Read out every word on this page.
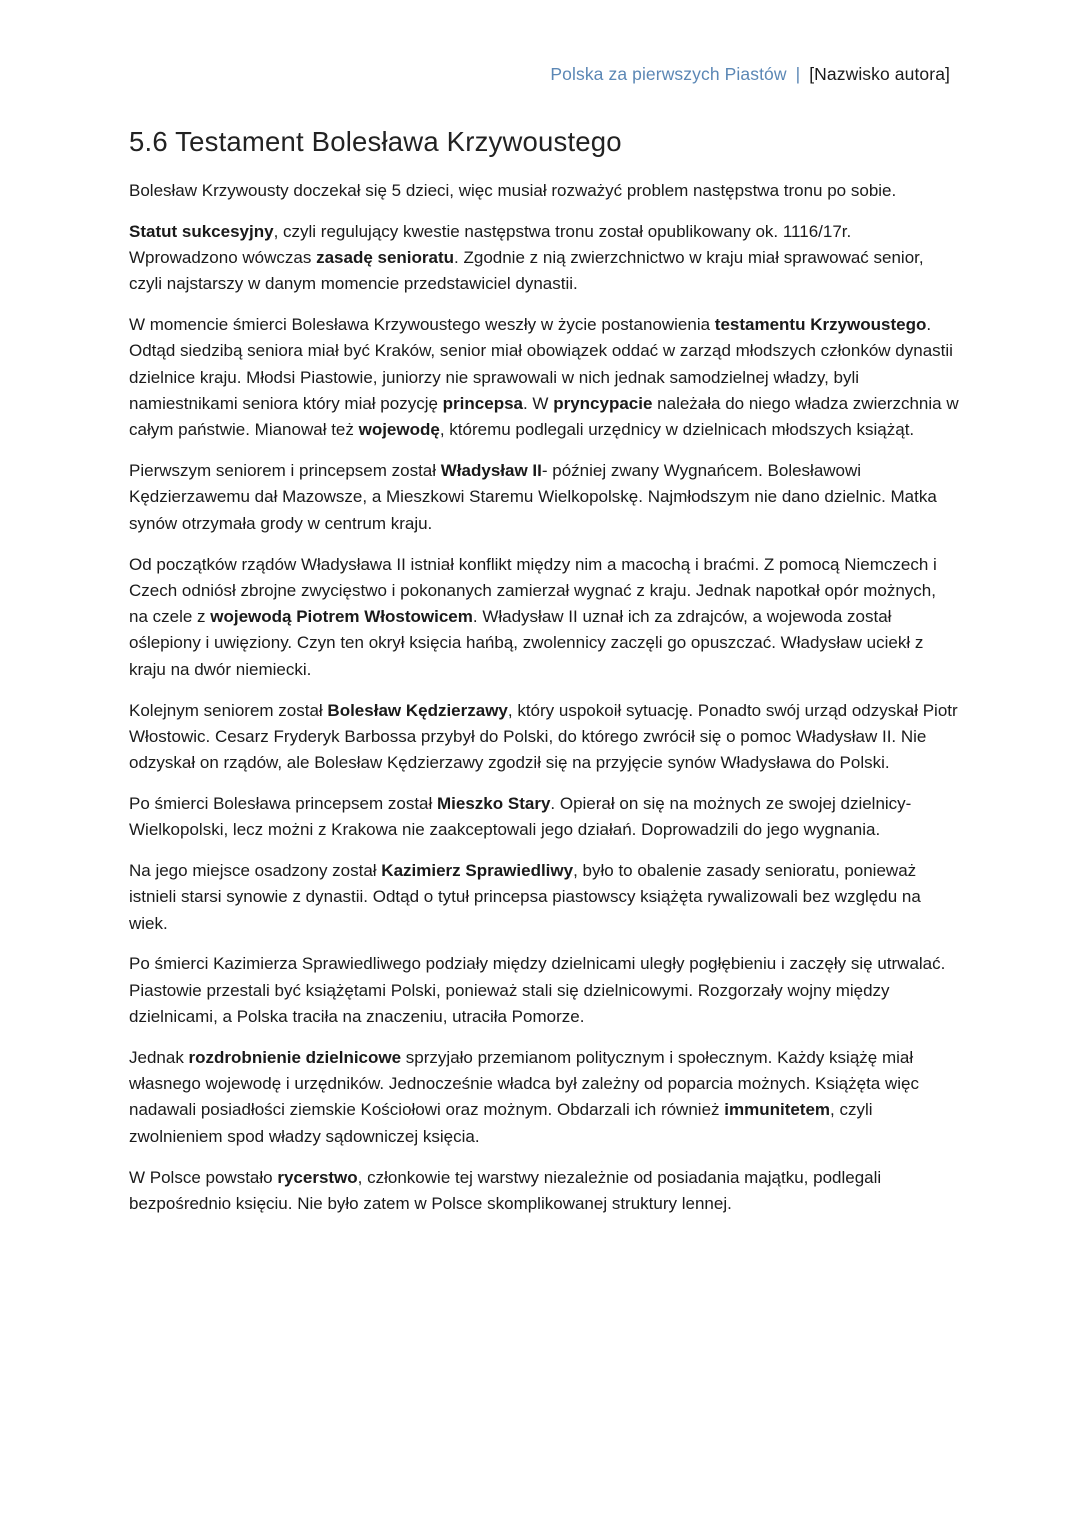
Polska za pierwszych Piastów | [Nazwisko autora]
5.6 Testament Bolesława Krzywoustego

Bolesław Krzywousty doczekał się 5 dzieci, więc musiał rozważyć problem następstwa tronu po sobie.

Statut sukcesyjny, czyli regulujący kwestie następstwa tronu został opublikowany ok. 1116/17r. Wprowadzono wówczas zasadę senioratu. Zgodnie z nią zwierzchnictwo w kraju miał sprawować senior, czyli najstarszy w danym momencie przedstawiciel dynastii.

W momencie śmierci Bolesława Krzywoustego weszły w życie postanowienia testamentu Krzywoustego. Odtąd siedzibą seniora miał być Kraków, senior miał obowiązek oddać w zarząd młodszych członków dynastii dzielnice kraju. Młodsi Piastowie, juniorzy nie sprawowali w nich jednak samodzielnej władzy, byli namiestnikami seniora który miał pozycję princepsa. W pryncypacie należała do niego władza zwierzchnia w całym państwie. Mianował też wojewodę, któremu podlegali urzędnicy w dzielnicach młodszych książąt.

Pierwszym seniorem i princepsem został Władysław II- później zwany Wygnańcem. Bolesławowi Kędzierzawemu dał Mazowsze, a Mieszkowi Staremu Wielkopolskę. Najmłodszym nie dano dzielnic. Matka synów otrzymała grody w centrum kraju.

Od początków rządów Władysława II istniał konflikt między nim a macochą i braćmi. Z pomocą Niemczech i Czech odniósł zbrojne zwycięstwo i pokonanych zamierzał wygnać z kraju. Jednak napotkał opór możnych, na czele z wojewodą Piotrem Włostowicem. Władysław II uznał ich za zdrajców, a wojewoda został oślepiony i uwięziony. Czyn ten okrył księcia hańbą, zwolennicy zaczęli go opuszczać. Władysław uciekł z kraju na dwór niemiecki.

Kolejnym seniorem został Bolesław Kędzierzawy, który uspokoił sytuację. Ponadto swój urząd odzyskał Piotr Włostowic. Cesarz Fryderyk Barbossa przybył do Polski, do którego zwrócił się o pomoc Władysław II. Nie odzyskał on rządów, ale Bolesław Kędzierzawy zgodził się na przyjęcie synów Władysława do Polski.

Po śmierci Bolesława princepsem został Mieszko Stary. Opierał on się na możnych ze swojej dzielnicy- Wielkopolski, lecz możni z Krakowa nie zaakceptowali jego działań. Doprowadzili do jego wygnania.

Na jego miejsce osadzony został Kazimierz Sprawiedliwy, było to obalenie zasady senioratu, ponieważ istnieli starsi synowie z dynastii. Odtąd o tytuł princepsa piastowscy książęta rywalizowali bez względu na wiek.

Po śmierci Kazimierza Sprawiedliwego podziały między dzielnicami uległy pogłębieniu i zaczęły się utrwalać. Piastowie przestali być książętami Polski, ponieważ stali się dzielnicowymi. Rozgorzały wojny między dzielnicami, a Polska traciła na znaczeniu, utraciła Pomorze.

Jednak rozdrobnienie dzielnicowe sprzyjało przemianom politycznym i społecznym. Każdy książę miał własnego wojewodę i urzędników. Jednocześnie władca był zależny od poparcia możnych. Książęta więc nadawali posiadłości ziemskie Kościołowi oraz możnym. Obdarzali ich również immunitetem, czyli zwolnieniem spod władzy sądowniczej księcia.

W Polsce powstało rycerstwo, członkowie tej warstwy niezależnie od posiadania majątku, podlegali bezpośrednio księciu. Nie było zatem w Polsce skomplikowanej struktury lennej.
